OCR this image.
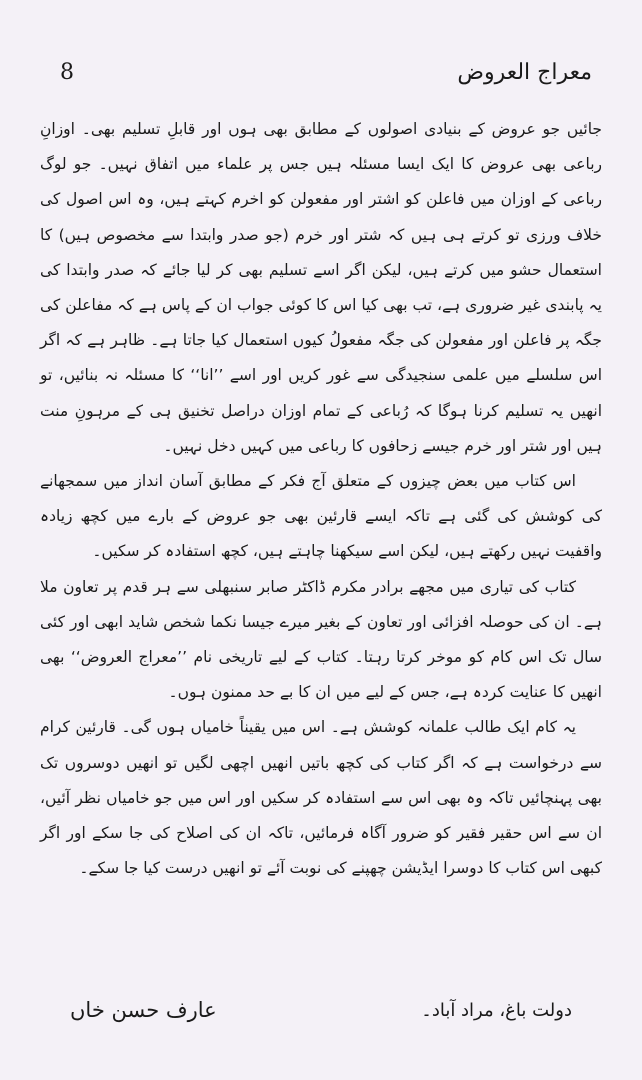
معراج العروض
8

جائیں جو عروض کے بنیادی اصولوں کے مطابق بھی ہوں اور قابلِ تسلیم بھی۔ اوزانِ رباعی بھی عروض کا ایک ایسا مسئلہ ہیں جس پر علماء میں اتفاق نہیں۔ جو لوگ رباعی کے اوزان میں فاعلن کو اشتر اور مفعولن کو اخرم کہتے ہیں، وہ اس اصول کی خلاف ورزی تو کرتے ہی ہیں کہ شتر اور خرم (جو صدر وابتدا سے مخصوص ہیں) کا استعمال حشو میں کرتے ہیں، لیکن اگر اسے تسلیم بھی کر لیا جائے کہ صدر وابتدا کی یہ پابندی غیر ضروری ہے، تب بھی کیا اس کا کوئی جواب ان کے پاس ہے کہ مفاعلن کی جگہ پر فاعلن اور مفعولن کی جگہ مفعولُ کیوں استعمال کیا جاتا ہے۔ ظاہر ہے کہ اگر اس سلسلے میں علمی سنجیدگی سے غور کریں اور اسے ’’انا‘‘ کا مسئلہ نہ بنائیں، تو انھیں یہ تسلیم کرنا ہوگا کہ رُباعی کے تمام اوزان دراصل تخنیق ہی کے مرہونِ منت ہیں اور شتر اور خرم جیسے زحافوں کا رباعی میں کہیں دخل نہیں۔

اس کتاب میں بعض چیزوں کے متعلق آج فکر کے مطابق آسان انداز میں سمجھانے کی کوشش کی گئی ہے تاکہ ایسے قارئین بھی جو عروض کے بارے میں کچھ زیادہ واقفیت نہیں رکھتے ہیں، لیکن اسے سیکھنا چاہتے ہیں، کچھ استفادہ کر سکیں۔

کتاب کی تیاری میں مجھے برادر مکرم ڈاکٹر صابر سنبھلی سے ہر قدم پر تعاون ملا ہے۔ ان کی حوصلہ افزائی اور تعاون کے بغیر میرے جیسا نکما شخص شاید ابھی اور کئی سال تک اس کام کو موخر کرتا رہتا۔ کتاب کے لیے تاریخی نام ’’معراج العروض‘‘ بھی انھیں کا عنایت کردہ ہے، جس کے لیے میں ان کا بے حد ممنون ہوں۔

یہ کام ایک طالب علمانہ کوشش ہے۔ اس میں یقیناً خامیاں ہوں گی۔ قارئین کرام سے درخواست ہے کہ اگر کتاب کی کچھ باتیں انھیں اچھی لگیں تو انھیں دوسروں تک بھی پہنچائیں تاکہ وہ بھی اس سے استفادہ کر سکیں اور اس میں جو خامیاں نظر آئیں، ان سے اس حقیر فقیر کو ضرور آگاہ فرمائیں، تاکہ ان کی اصلاح کی جا سکے اور اگر کبھی اس کتاب کا دوسرا ایڈیشن چھپنے کی نوبت آئے تو انھیں درست کیا جا سکے۔

دولت باغ، مراد آباد۔
عارف حسن خاں
